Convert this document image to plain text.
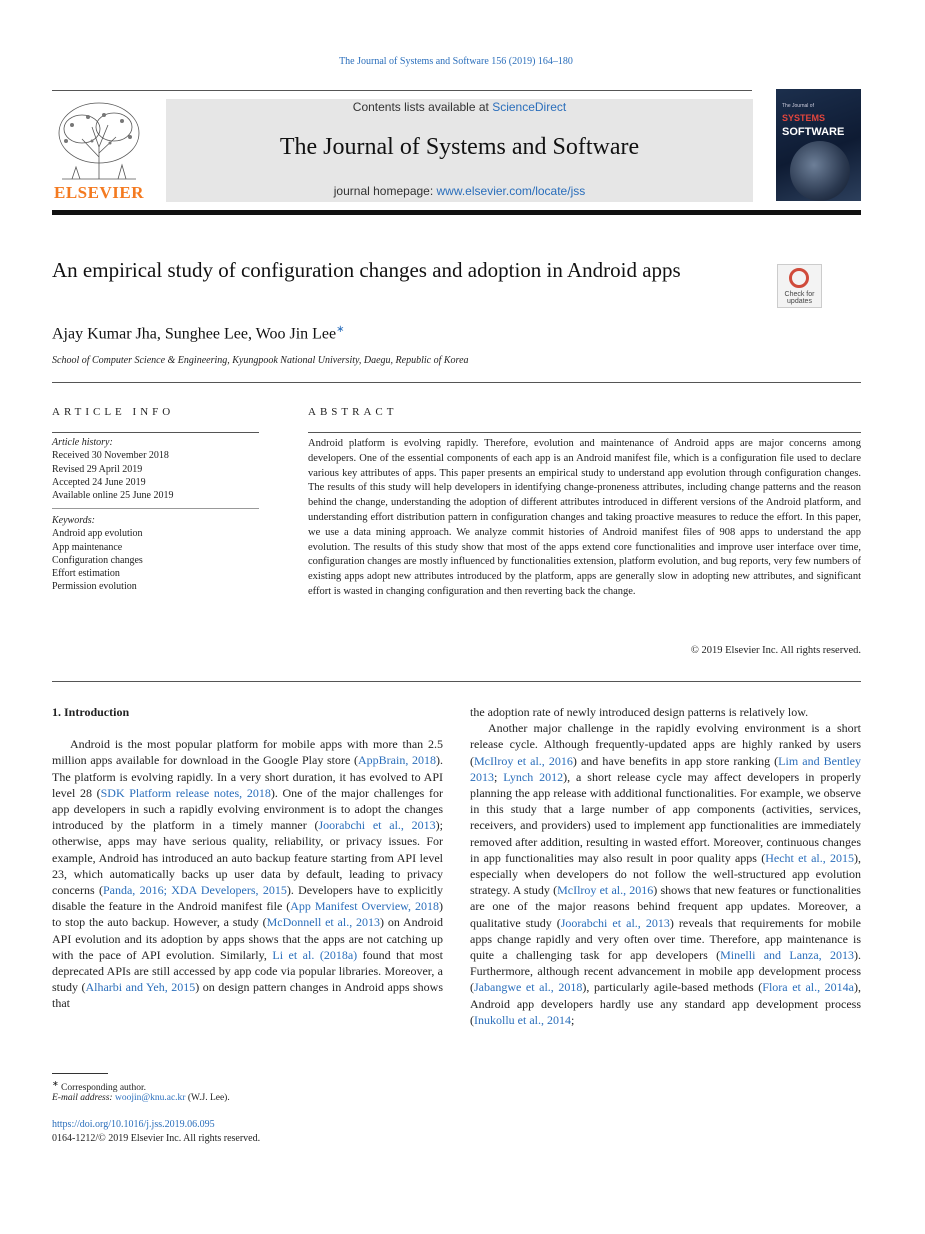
The Journal of Systems and Software 156 (2019) 164–180
ELSEVIER
Contents lists available at ScienceDirect
The Journal of Systems and Software
journal homepage: www.elsevier.com/locate/jss
The Journal of
SYSTEMS
SOFTWARE
An empirical study of configuration changes and adoption in Android apps
Check for updates
Ajay Kumar Jha, Sunghee Lee, Woo Jin Lee∗
School of Computer Science & Engineering, Kyungpook National University, Daegu, Republic of Korea
ARTICLE INFO
Article history:
Received 30 November 2018
Revised 29 April 2019
Accepted 24 June 2019
Available online 25 June 2019
Keywords:
Android app evolution
App maintenance
Configuration changes
Effort estimation
Permission evolution
ABSTRACT
Android platform is evolving rapidly. Therefore, evolution and maintenance of Android apps are major concerns among developers. One of the essential components of each app is an Android manifest file, which is a configuration file used to declare various key attributes of apps. This paper presents an empirical study to understand app evolution through configuration changes. The results of this study will help developers in identifying change-proneness attributes, including change patterns and the reason behind the change, understanding the adoption of different attributes introduced in different versions of the Android platform, and understanding effort distribution pattern in configuration changes and taking proactive measures to reduce the effort. In this paper, we use a data mining approach. We analyze commit histories of Android manifest files of 908 apps to understand the app evolution. The results of this study show that most of the apps extend core functionalities and improve user interface over time, configuration changes are mostly influenced by functionalities extension, platform evolution, and bug reports, very few numbers of existing apps adopt new attributes introduced by the platform, apps are generally slow in adopting new attributes, and significant effort is wasted in changing configuration and then reverting back the change.
© 2019 Elsevier Inc. All rights reserved.

1. Introduction

Android is the most popular platform for mobile apps with more than 2.5 million apps available for download in the Google Play store (AppBrain, 2018). The platform is evolving rapidly. In a very short duration, it has evolved to API level 28 (SDK Platform release notes, 2018). One of the major challenges for app developers in such a rapidly evolving environment is to adopt the changes introduced by the platform in a timely manner (Joorabchi et al., 2013); otherwise, apps may have serious quality, reliability, or privacy issues. For example, Android has introduced an auto backup feature starting from API level 23, which automatically backs up user data by default, leading to privacy concerns (Panda, 2016; XDA Developers, 2015). Developers have to explicitly disable the feature in the Android manifest file (App Manifest Overview, 2018) to stop the auto backup. However, a study (McDonnell et al., 2013) on Android API evolution and its adoption by apps shows that the apps are not catching up with the pace of API evolution. Similarly, Li et al. (2018a) found that most deprecated APIs are still accessed by app code via popular libraries. Moreover, a study (Alharbi and Yeh, 2015) on design pattern changes in Android apps shows that

the adoption rate of newly introduced design patterns is relatively low.

Another major challenge in the rapidly evolving environment is a short release cycle. Although frequently-updated apps are highly ranked by users (McIlroy et al., 2016) and have benefits in app store ranking (Lim and Bentley 2013; Lynch 2012), a short release cycle may affect developers in properly planning the app release with additional functionalities. For example, we observe in this study that a large number of app components (activities, services, receivers, and providers) used to implement app functionalities are immediately removed after addition, resulting in wasted effort. Moreover, continuous changes in app functionalities may also result in poor quality apps (Hecht et al., 2015), especially when developers do not follow the well-structured app evolution strategy. A study (McIlroy et al., 2016) shows that new features or functionalities are one of the major reasons behind frequent app updates. Moreover, a qualitative study (Joorabchi et al., 2013) reveals that requirements for mobile apps change rapidly and very often over time. Therefore, app maintenance is quite a challenging task for app developers (Minelli and Lanza, 2013). Furthermore, although recent advancement in mobile app development process (Jabangwe et al., 2018), particularly agile-based methods (Flora et al., 2014a), Android app developers hardly use any standard app development process (Inukollu et al., 2014;

∗ Corresponding author.
E-mail address: woojin@knu.ac.kr (W.J. Lee).
https://doi.org/10.1016/j.jss.2019.06.095
0164-1212/© 2019 Elsevier Inc. All rights reserved.
